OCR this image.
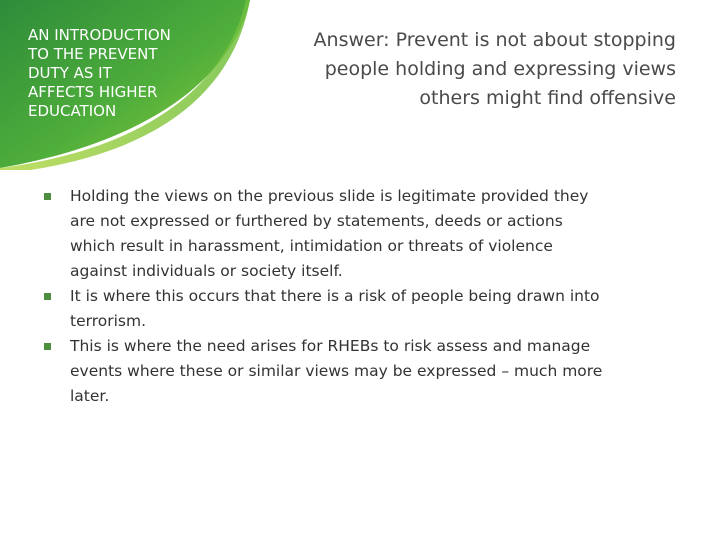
AN INTRODUCTION
TO THE PREVENT
DUTY AS IT
AFFECTS HIGHER
EDUCATION
Answer: Prevent is not about stopping
people holding and expressing views
others might find offensive
Holding the views on the previous slide is legitimate provided they
are not expressed or furthered by statements, deeds or actions
which result in harassment, intimidation or threats of violence
against individuals or society itself.
It is where this occurs that there is a risk of people being drawn into
terrorism.
This is where the need arises for RHEBs to risk assess and manage
events where these or similar views may be expressed – much more
later.
